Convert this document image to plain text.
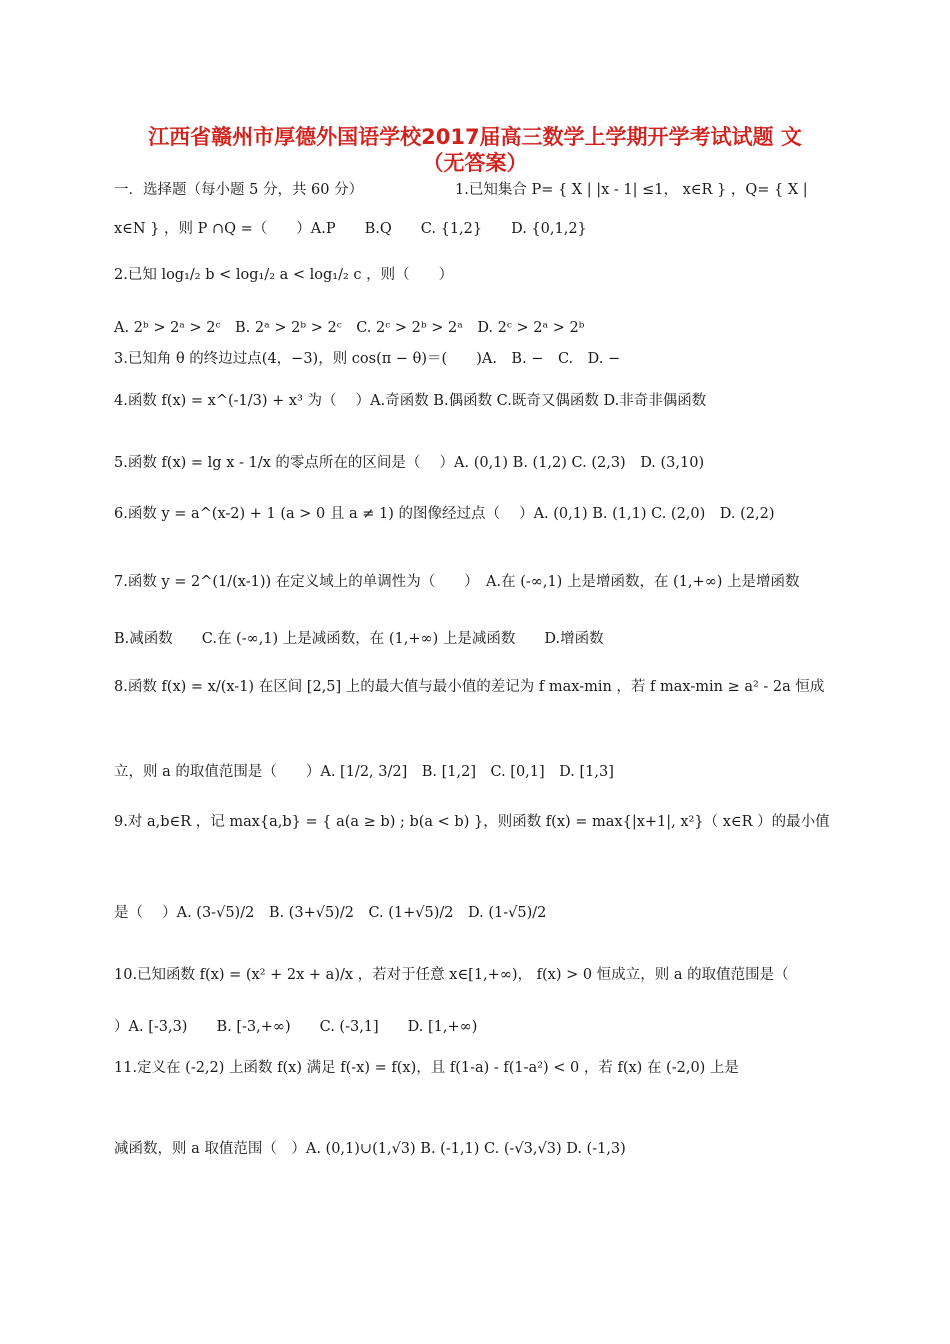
江西省赣州市厚德外国语学校2017届高三数学上学期开学考试试题 文
（无答案）
一．选择题（每小题 5 分，共 60 分）	1.已知集合 P= { X | |x - 1| ≤1， x∈R } ，Q= { X |
x∈N } ，则 P ∩Q =（　　）A.P　　B.Q　　C. {1,2}　　D. {0,1,2}
2.已知 log₁/₂ b < log₁/₂ a < log₁/₂ c ，则（　　）
A. 2ᵇ > 2ᵃ > 2ᶜ　B. 2ᵃ > 2ᵇ > 2ᶜ　C. 2ᶜ > 2ᵇ > 2ᵃ　D. 2ᶜ > 2ᵃ > 2ᵇ
3.已知角 θ 的终边过点(4，−3)，则 cos(π − θ)＝(　　)A.　B. −　C.　D. −
4.函数 f(x) = x^(-1/3) + x³ 为（　 ）A.奇函数 B.偶函数 C.既奇又偶函数 D.非奇非偶函数
5.函数 f(x) = lg x - 1/x 的零点所在的区间是（　 ）A. (0,1) B. (1,2) C. (2,3)　D. (3,10)
6.函数 y = a^(x-2) + 1 (a > 0 且 a ≠ 1) 的图像经过点（　 ）A. (0,1) B. (1,1) C. (2,0)　D. (2,2)
7.函数 y = 2^(1/(x-1)) 在定义域上的单调性为（　　）　A.在 (-∞,1) 上是增函数，在 (1,+∞) 上是增函数
B.减函数　　C.在 (-∞,1) 上是减函数，在 (1,+∞) 上是减函数　　D.增函数
8.函数 f(x) = x/(x-1) 在区间 [2,5] 上的最大值与最小值的差记为 f max-min ，若 f max-min ≥ a² - 2a 恒成
立，则 a 的取值范围是（　　）A. [1/2, 3/2]　B. [1,2]　C. [0,1]　D. [1,3]
9.对 a,b∈R ，记 max{a,b} = { a(a ≥ b) ; b(a < b) }，则函数 f(x) = max{|x+1|, x²}（ x∈R ）的最小值
是（　 ）A. (3-√5)/2　B. (3+√5)/2　C. (1+√5)/2　D. (1-√5)/2
10.已知函数 f(x) = (x² + 2x + a)/x ，若对于任意 x∈[1,+∞)， f(x) > 0 恒成立，则 a 的取值范围是（
）A. [-3,3)　　B. [-3,+∞)　　C. (-3,1]　　D. [1,+∞)
11.定义在 (-2,2) 上函数 f(x) 满足 f(-x) = f(x)，且 f(1-a) - f(1-a²) < 0 ，若 f(x) 在 (-2,0) 上是
减函数，则 a 取值范围（　）A. (0,1)∪(1,√3) B. (-1,1) C. (-√3,√3) D. (-1,3)
